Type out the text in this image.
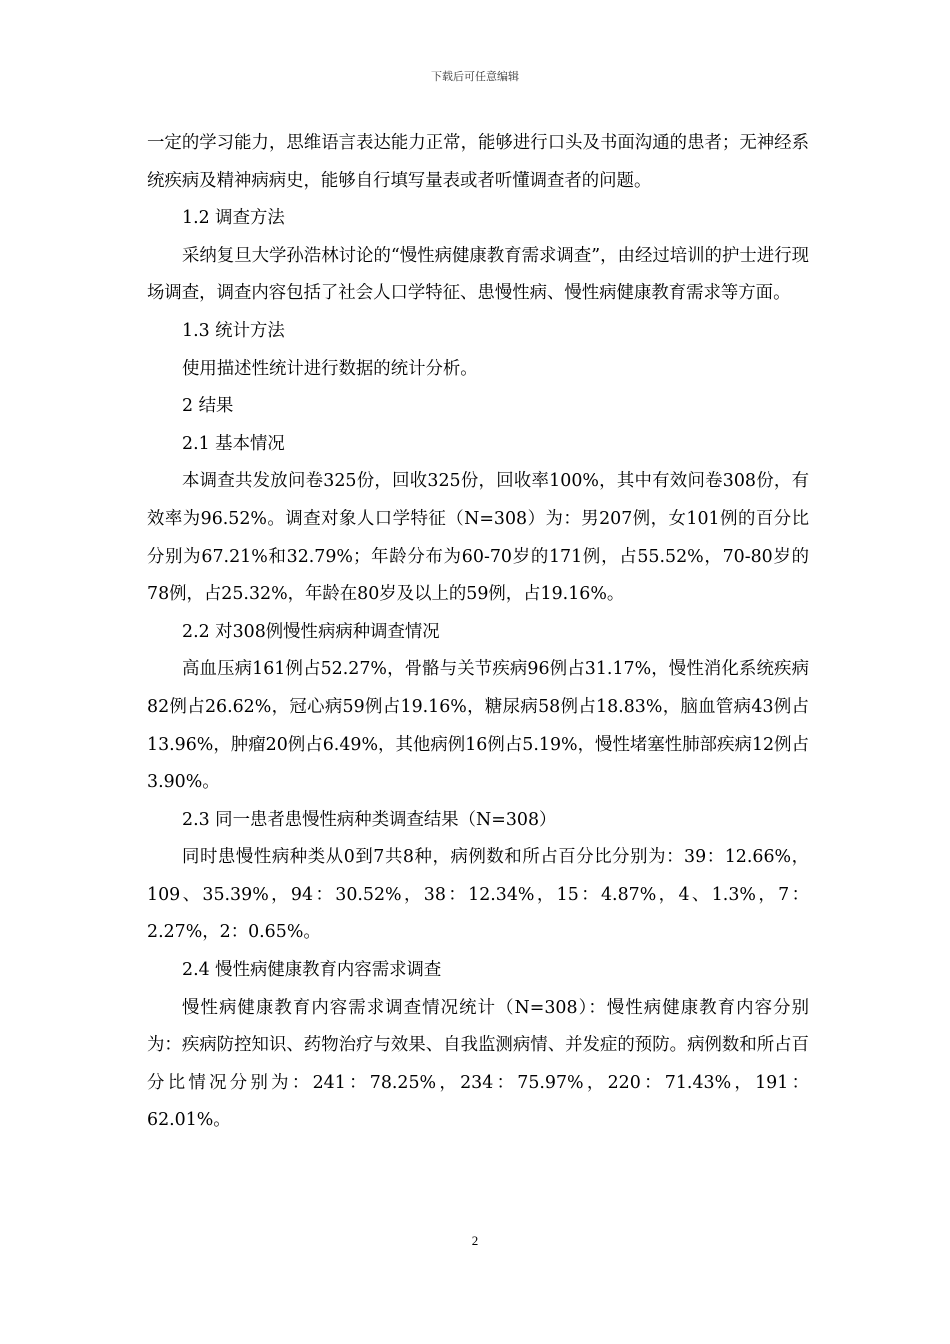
下载后可任意编辑

一定的学习能力，思维语言表达能力正常，能够进行口头及书面沟通的患者；无神经系统疾病及精神病病史，能够自行填写量表或者听懂调查者的问题。

1.2 调查方法

采纳复旦大学孙浩林讨论的“慢性病健康教育需求调查”，由经过培训的护士进行现场调查，调查内容包括了社会人口学特征、患慢性病、慢性病健康教育需求等方面。

1.3 统计方法

使用描述性统计进行数据的统计分析。

2 结果

2.1 基本情况

本调查共发放问卷325份，回收325份，回收率100%，其中有效问卷308份，有效率为96.52%。调查对象人口学特征（N=308）为：男207例，女101例的百分比分别为67.21%和32.79%；年龄分布为60-70岁的171例，占55.52%，70-80岁的78例，占25.32%，年龄在80岁及以上的59例，占19.16%。

2.2 对308例慢性病病种调查情况

高血压病161例占52.27%，骨骼与关节疾病96例占31.17%，慢性消化系统疾病82例占26.62%，冠心病59例占19.16%，糖尿病58例占18.83%，脑血管病43例占13.96%，肿瘤20例占6.49%，其他病例16例占5.19%，慢性堵塞性肺部疾病12例占3.90%。

2.3 同一患者患慢性病种类调查结果（N=308）

同时患慢性病种类从0到7共8种，病例数和所占百分比分别为：39：12.66%，109、35.39%，94：30.52%，38：12.34%，15：4.87%，4、1.3%，7：2.27%，2：0.65%。

2.4 慢性病健康教育内容需求调查

慢性病健康教育内容需求调查情况统计（N=308）：慢性病健康教育内容分别为：疾病防控知识、药物治疗与效果、自我监测病情、并发症的预防。病例数和所占百分比情况分别为：241：78.25%，234：75.97%，220：71.43%，191：62.01%。

2
